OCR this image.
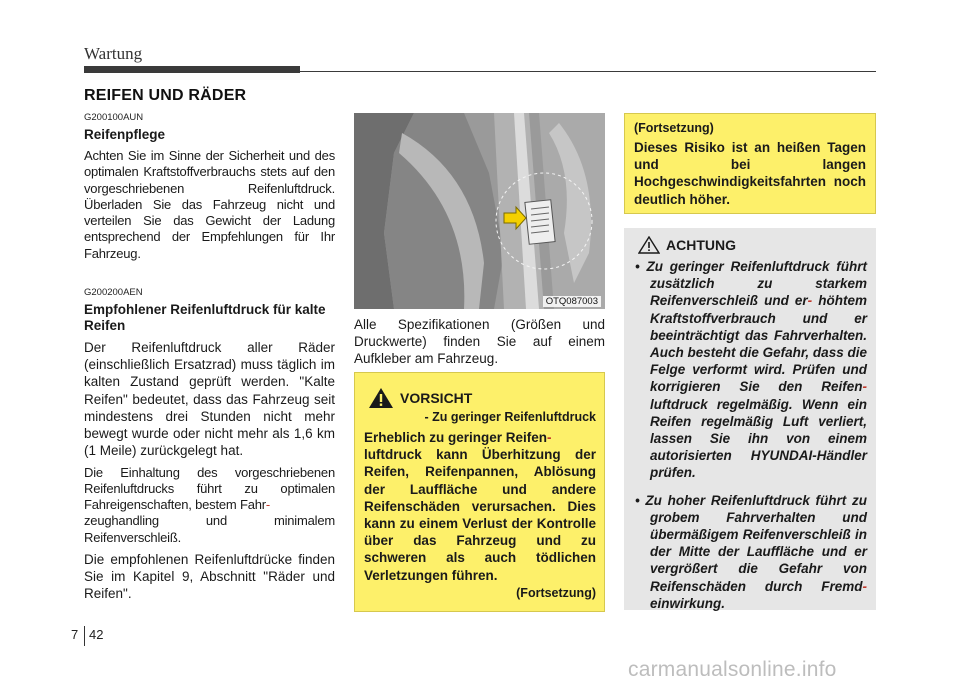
Wartung
REIFEN UND RÄDER
G200100AUN
Reifenpflege

Achten Sie im Sinne der Sicherheit und des optimalen Kraftstoffverbrauchs stets auf den vorgeschriebenen Reifenluftdruck. Überladen Sie das Fahrzeug nicht und verteilen Sie das Gewicht der Ladung entsprechend der Empfehlungen für Ihr Fahrzeug.

G200200AEN
Empfohlener Reifenluftdruck für kalte Reifen

Der Reifenluftdruck aller Räder (einschließlich Ersatzrad) muss täglich im kalten Zustand geprüft werden. "Kalte Reifen" bedeutet, dass das Fahrzeug seit mindestens drei Stunden nicht mehr bewegt wurde oder nicht mehr als 1,6 km (1 Meile) zurückgelegt hat.

Die Einhaltung des vorgeschriebenen Reifenluftdrucks führt zu optimalen Fahreigenschaften, bestem Fahr-
zeughandling und minimalem Reifenverschleiß.

Die empfohlenen Reifenluftdrücke finden Sie im Kapitel 9, Abschnitt "Räder und Reifen".

OTQ087003

Alle Spezifikationen (Größen und Druckwerte) finden Sie auf einem Aufkleber am Fahrzeug.

VORSICHT
- Zu geringer Reifenluftdruck
Erheblich zu geringer Reifen-
luftdruck kann Überhitzung der Reifen, Reifenpannen, Ablösung der Lauffläche und andere Reifenschäden verursachen. Dies kann zu einem Verlust der Kontrolle über das Fahrzeug und zu schweren als auch tödlichen Verletzungen führen.
(Fortsetzung)
(Fortsetzung)
Dieses Risiko ist an heißen Tagen und bei langen Hochgeschwindigkeitsfahrten noch deutlich höher.
ACHTUNG

• Zu geringer Reifenluftdruck führt zusätzlich zu starkem Reifenverschleiß und er- höhtem Kraftstoffverbrauch und er beeinträchtigt das Fahrverhalten. Auch besteht die Gefahr, dass die Felge verformt wird. Prüfen und korrigieren Sie den Reifen- luftdruck regelmäßig. Wenn ein Reifen regelmäßig Luft verliert, lassen Sie ihn von einem autorisierten HYUNDAI-Händler prüfen.

• Zu hoher Reifenluftdruck führt zu grobem Fahrverhalten und übermäßigem Reifenverschleiß in der Mitte der Lauffläche und er vergrößert die Gefahr von Reifenschäden durch Fremd- einwirkung.

7 42
carmanualsonline.info
